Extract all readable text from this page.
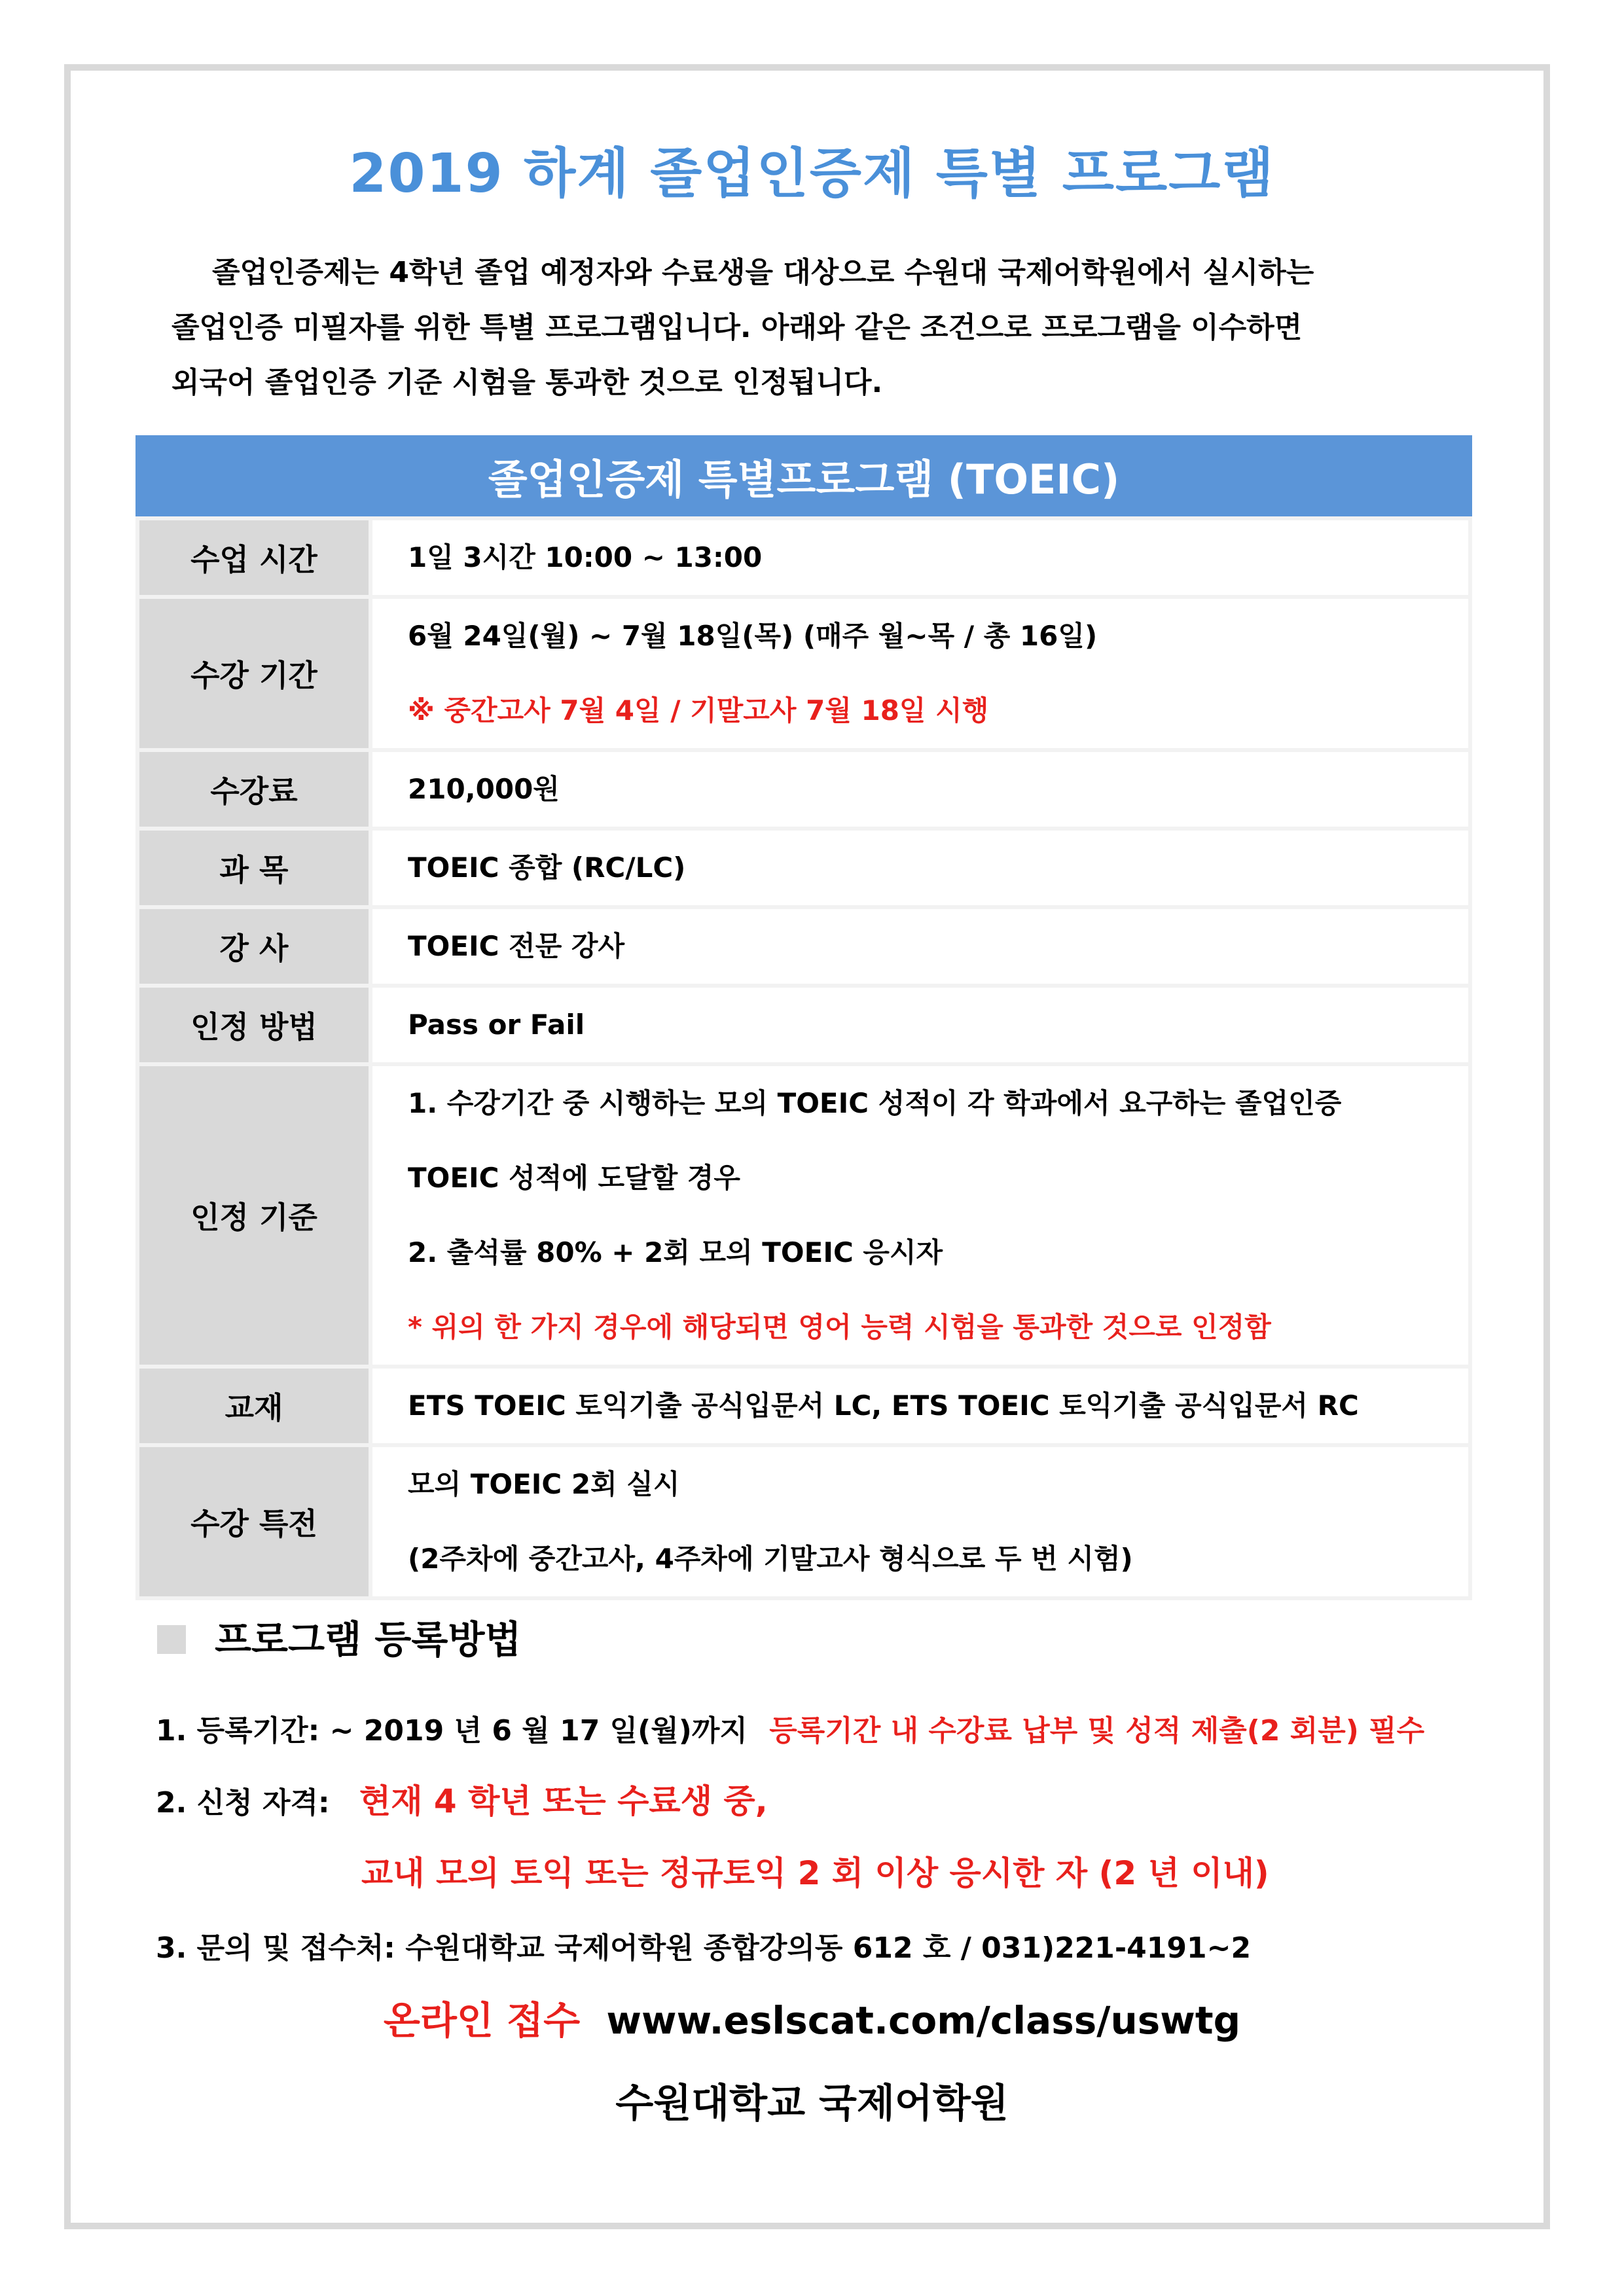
2019 하계 졸업인증제 특별 프로그램

졸업인증제는 4학년 졸업 예정자와 수료생을 대상으로 수원대 국제어학원에서 실시하는

졸업인증 미필자를 위한 특별 프로그램입니다. 아래와 같은 조건으로 프로그램을 이수하면

외국어 졸업인증 기준 시험을 통과한 것으로 인정됩니다.

졸업인증제 특별프로그램 (TOEIC)	
수업 시간	1일 3시간 10:00 ~ 13:00

수강 기간	6월 24일(월) ~ 7월 18일(목) (매주 월~목 / 총 16일)
※ 중간고사 7월 4일 / 기말고사 7월 18일 시행

수강료	210,000원

과 목	TOEIC 종합 (RC/LC)

강 사	TOEIC 전문 강사

인정 방법	Pass or Fail

인정 기준	1. 수강기간 중 시행하는 모의 TOEIC 성적이 각 학과에서 요구하는 졸업인증
TOEIC 성적에 도달할 경우
2. 출석률 80% + 2회 모의 TOEIC 응시자
* 위의 한 가지 경우에 해당되면 영어 능력 시험을 통과한 것으로 인정함

교재	ETS TOEIC 토익기출 공식입문서 LC, ETS TOEIC 토익기출 공식입문서 RC

수강 특전	모의 TOEIC 2회 실시
(2주차에 중간고사, 4주차에 기말고사 형식으로 두 번 시험)
프로그램 등록방법
1. 등록기간: ~ 2019 년 6 월 17 일(월)까지 등록기간 내 수강료 납부 및 성적 제출(2 회분) 필수
2. 신청 자격: 현재 4 학년 또는 수료생 중,
교내 모의 토익 또는 정규토익 2 회 이상 응시한 자 (2 년 이내)
3. 문의 및 접수처: 수원대학교 국제어학원 종합강의동 612 호 / 031)221-4191~2
온라인 접수 www.eslscat.com/class/uswtg
수원대학교 국제어학원
